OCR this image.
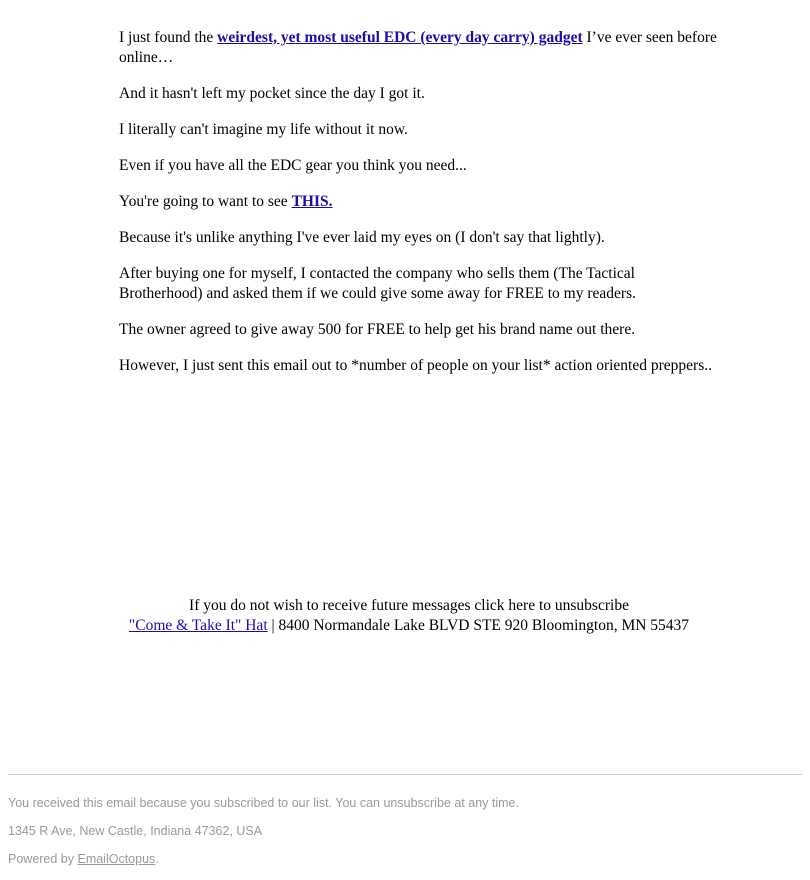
I just found the weirdest, yet most useful EDC (every day carry) gadget I’ve ever seen before online…

And it hasn't left my pocket since the day I got it.

I literally can't imagine my life without it now.

Even if you have all the EDC gear you think you need...

You're going to want to see THIS.

Because it's unlike anything I've ever laid my eyes on (I don't say that lightly).

After buying one for myself, I contacted the company who sells them (The Tactical Brotherhood) and asked them if we could give some away for FREE to my readers.

The owner agreed to give away 500 for FREE to help get his brand name out there.

However, I just sent this email out to *number of people on your list* action oriented preppers..

If you do not wish to receive future messages click here to unsubscribe
"Come & Take It" Hat | 8400 Normandale Lake BLVD STE 920 Bloomington, MN 55437
You received this email because you subscribed to our list. You can unsubscribe at any time.
1345 R Ave, New Castle, Indiana 47362, USA
Powered by EmailOctopus.
